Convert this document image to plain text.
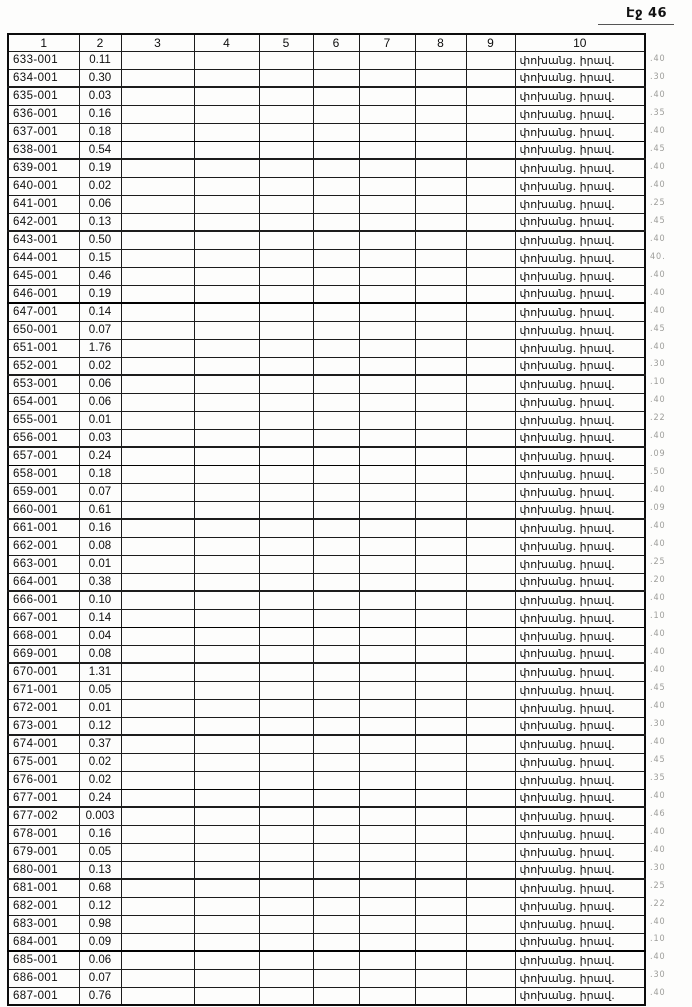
Էջ 46
1	2	3	4	5	6	7	8	9	10
633-001	0.11								փոխանց. իրավ.
634-001	0.30								փոխանց. իրավ.
635-001	0.03								փոխանց. իրավ.
636-001	0.16								փոխանց. իրավ.
637-001	0.18								փոխանց. իրավ.
638-001	0.54								փոխանց. իրավ.
639-001	0.19								փոխանց. իրավ.
640-001	0.02								փոխանց. իրավ.
641-001	0.06								փոխանց. իրավ.
642-001	0.13								փոխանց. իրավ.
643-001	0.50								փոխանց. իրավ.
644-001	0.15								փոխանց. իրավ.
645-001	0.46								փոխանց. իրավ.
646-001	0.19								փոխանց. իրավ.
647-001	0.14								փոխանց. իրավ.
650-001	0.07								փոխանց. իրավ.
651-001	1.76								փոխանց. իրավ.
652-001	0.02								փոխանց. իրավ.
653-001	0.06								փոխանց. իրավ.
654-001	0.06								փոխանց. իրավ.
655-001	0.01								փոխանց. իրավ.
656-001	0.03								փոխանց. իրավ.
657-001	0.24								փոխանց. իրավ.
658-001	0.18								փոխանց. իրավ.
659-001	0.07								փոխանց. իրավ.
660-001	0.61								փոխանց. իրավ.
661-001	0.16								փոխանց. իրավ.
662-001	0.08								փոխանց. իրավ.
663-001	0.01								փոխանց. իրավ.
664-001	0.38								փոխանց. իրավ.
666-001	0.10								փոխանց. իրավ.
667-001	0.14								փոխանց. իրավ.
668-001	0.04								փոխանց. իրավ.
669-001	0.08								փոխանց. իրավ.
670-001	1.31								փոխանց. իրավ.
671-001	0.05								փոխանց. իրավ.
672-001	0.01								փոխանց. իրավ.
673-001	0.12								փոխանց. իրավ.
674-001	0.37								փոխանց. իրավ.
675-001	0.02								փոխանց. իրավ.
676-001	0.02								փոխանց. իրավ.
677-001	0.24								փոխանց. իրավ.
677-002	0.003								փոխանց. իրավ.
678-001	0.16								փոխանց. իրավ.
679-001	0.05								փոխանց. իրավ.
680-001	0.13								փոխանց. իրավ.
681-001	0.68								փոխանց. իրավ.
682-001	0.12								փոխանց. իրավ.
683-001	0.98								փոխանց. իրավ.
684-001	0.09								փոխանց. իրավ.
685-001	0.06								փոխանց. իրավ.
686-001	0.07								փոխանց. իրավ.
687-001	0.76								փոխանց. իրավ.
.40
.30
.40
.35
.40
.45
.40
.40
.25
.45
.40
40.
.40
.40
.40
.45
.40
.30
.10
.40
.22
.40
.09
.50
.40
.09
.40
.40
.25
.20
.40
.10
.40
.40
.40
.45
.40
.30
.40
.45
.35
.40
.46
.40
.40
.30
.25
.22
.40
.10
.40
.30
.40
